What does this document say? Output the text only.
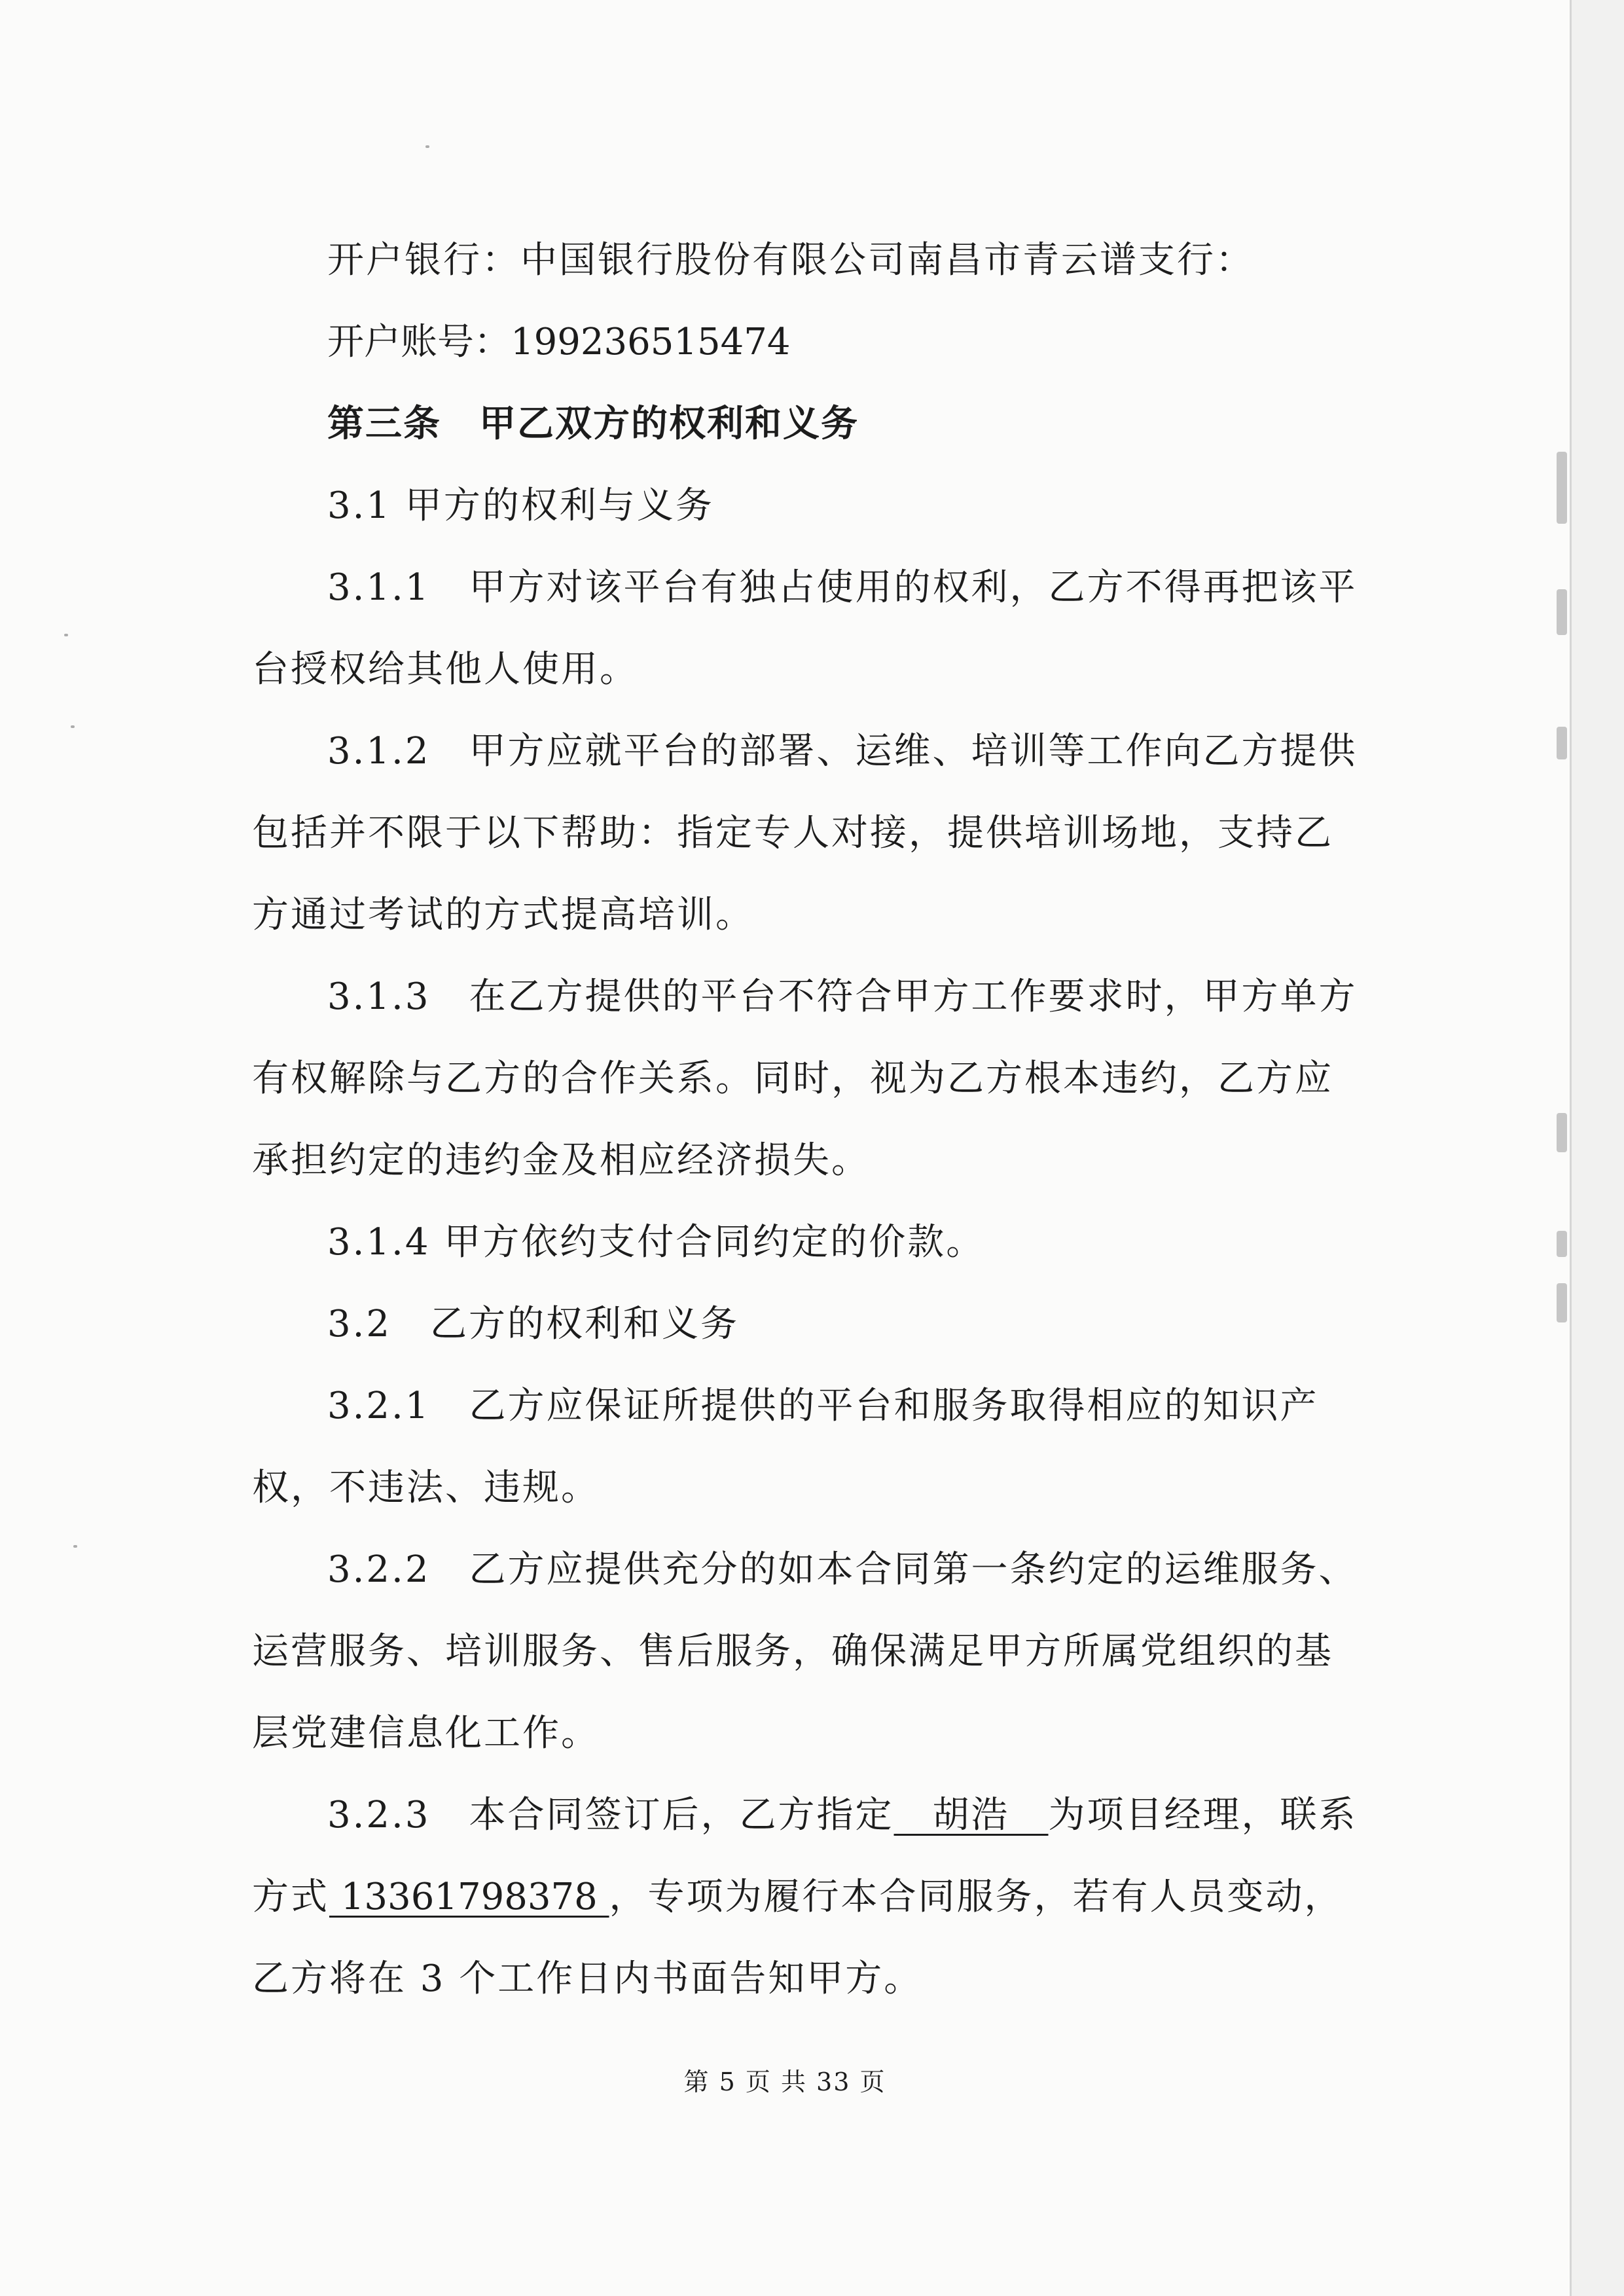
开户银行：中国银行股份有限公司南昌市青云谱支行：
开户账号：199236515474
第三条　甲乙双方的权利和义务
3.1 甲方的权利与义务
3.1.1　甲方对该平台有独占使用的权利，乙方不得再把该平
台授权给其他人使用。
3.1.2　甲方应就平台的部署、运维、培训等工作向乙方提供
包括并不限于以下帮助：指定专人对接，提供培训场地，支持乙
方通过考试的方式提高培训。
3.1.3　在乙方提供的平台不符合甲方工作要求时，甲方单方
有权解除与乙方的合作关系。同时，视为乙方根本违约，乙方应
承担约定的违约金及相应经济损失。
3.1.4 甲方依约支付合同约定的价款。
3.2　乙方的权利和义务
3.2.1　乙方应保证所提供的平台和服务取得相应的知识产
权，不违法、违规。
3.2.2　乙方应提供充分的如本合同第一条约定的运维服务、
运营服务、培训服务、售后服务，确保满足甲方所属党组织的基
层党建信息化工作。
3.2.3　本合同签订后，乙方指定　胡浩　为项目经理，联系
方式 13361798378 ，专项为履行本合同服务，若有人员变动，
乙方将在 3 个工作日内书面告知甲方。
第 5 页 共 33 页
